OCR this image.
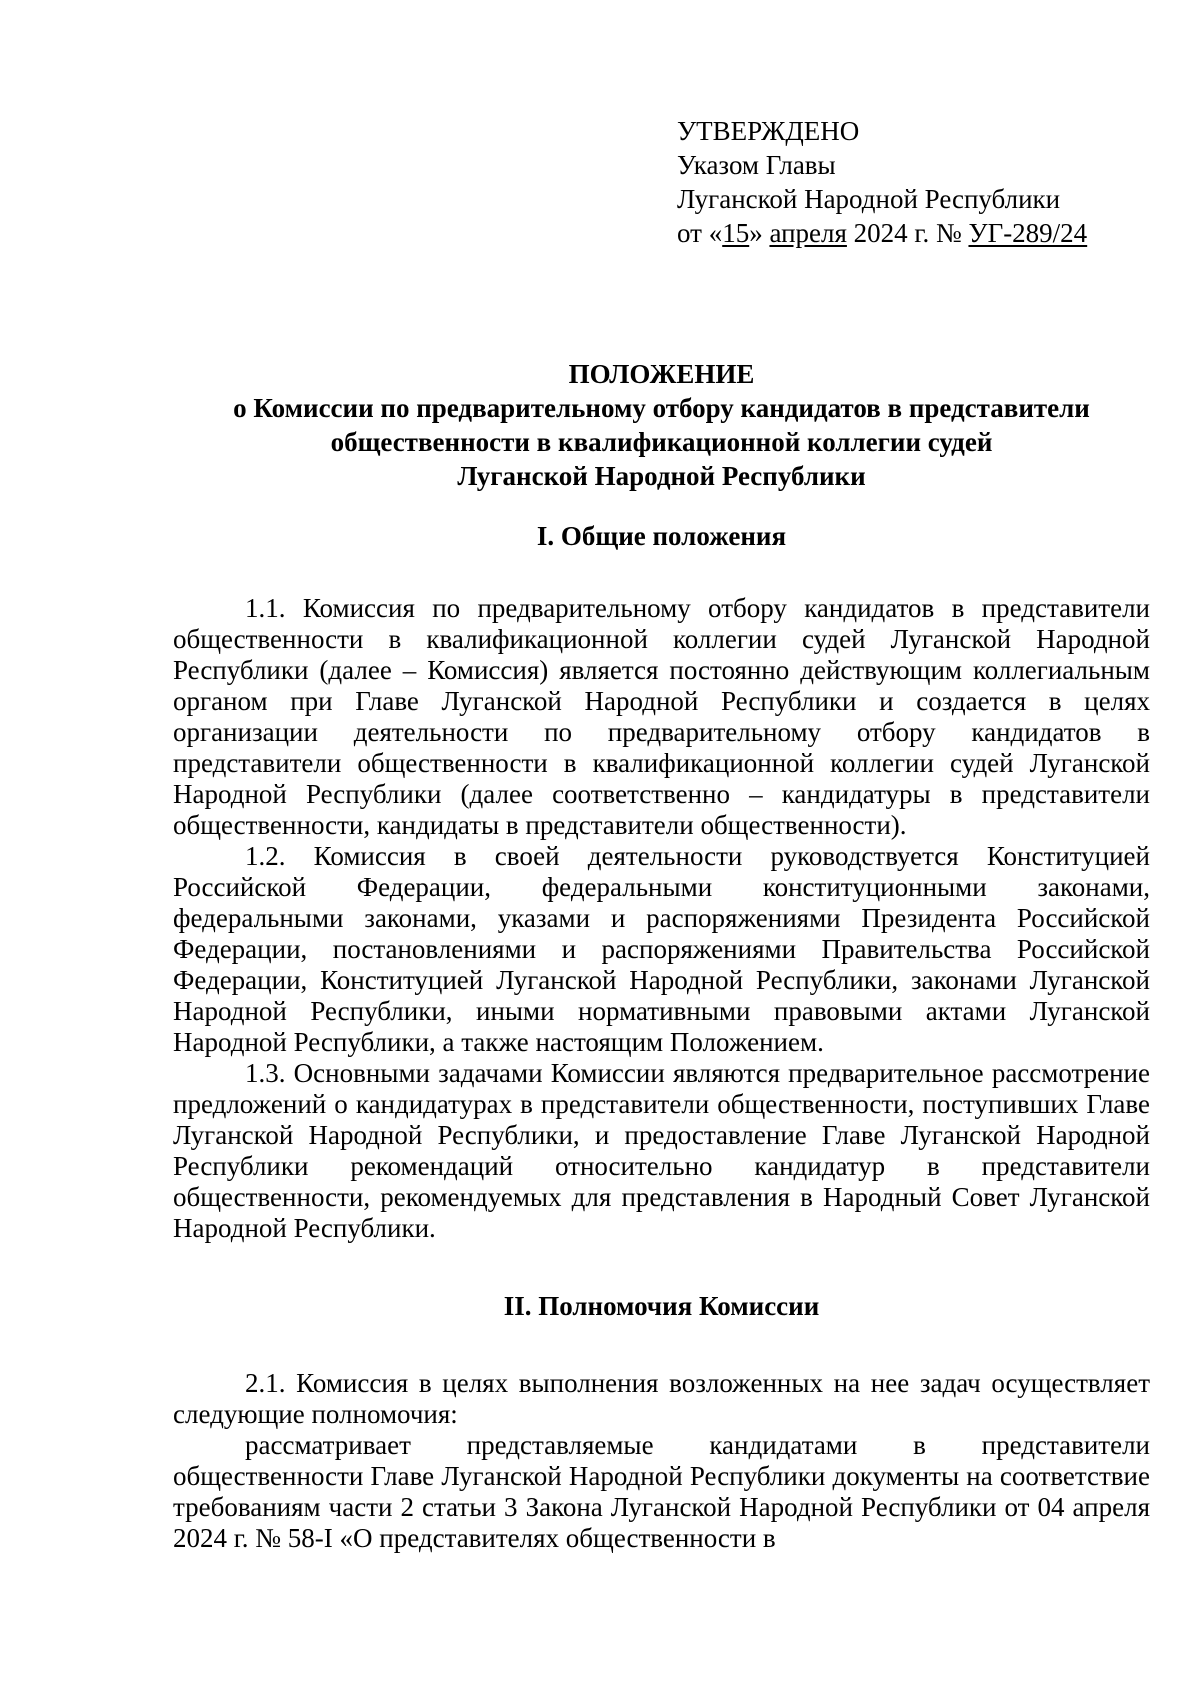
УТВЕРЖДЕНО
Указом Главы
Луганской Народной Республики
от «15» апреля 2024 г. № УГ-289/24
ПОЛОЖЕНИЕ
о Комиссии по предварительному отбору кандидатов в представители
общественности в квалификационной коллегии судей
Луганской Народной Республики

I. Общие положения

1.1. Комиссия по предварительному отбору кандидатов в представители общественности в квалификационной коллегии судей Луганской Народной Республики (далее – Комиссия) является постоянно действующим коллегиальным органом при Главе Луганской Народной Республики и создается в целях организации деятельности по предварительному отбору кандидатов в представители общественности в квалификационной коллегии судей Луганской Народной Республики (далее соответственно – кандидатуры в представители общественности, кандидаты в представители общественности).

1.2. Комиссия в своей деятельности руководствуется Конституцией Российской Федерации, федеральными конституционными законами, федеральными законами, указами и распоряжениями Президента Российской Федерации, постановлениями и распоряжениями Правительства Российской Федерации, Конституцией Луганской Народной Республики, законами Луганской Народной Республики, иными нормативными правовыми актами Луганской Народной Республики, а также настоящим Положением.

1.3. Основными задачами Комиссии являются предварительное рассмотрение предложений о кандидатурах в представители общественности, поступивших Главе Луганской Народной Республики, и предоставление Главе Луганской Народной Республики рекомендаций относительно кандидатур в представители общественности, рекомендуемых для представления в Народный Совет Луганской Народной Республики.

II. Полномочия Комиссии

2.1. Комиссия в целях выполнения возложенных на нее задач осуществляет следующие полномочия:

рассматривает представляемые кандидатами в представители общественности Главе Луганской Народной Республики документы на соответствие требованиям части 2 статьи 3 Закона Луганской Народной Республики от 04 апреля 2024 г. № 58-I «О представителях общественности в
